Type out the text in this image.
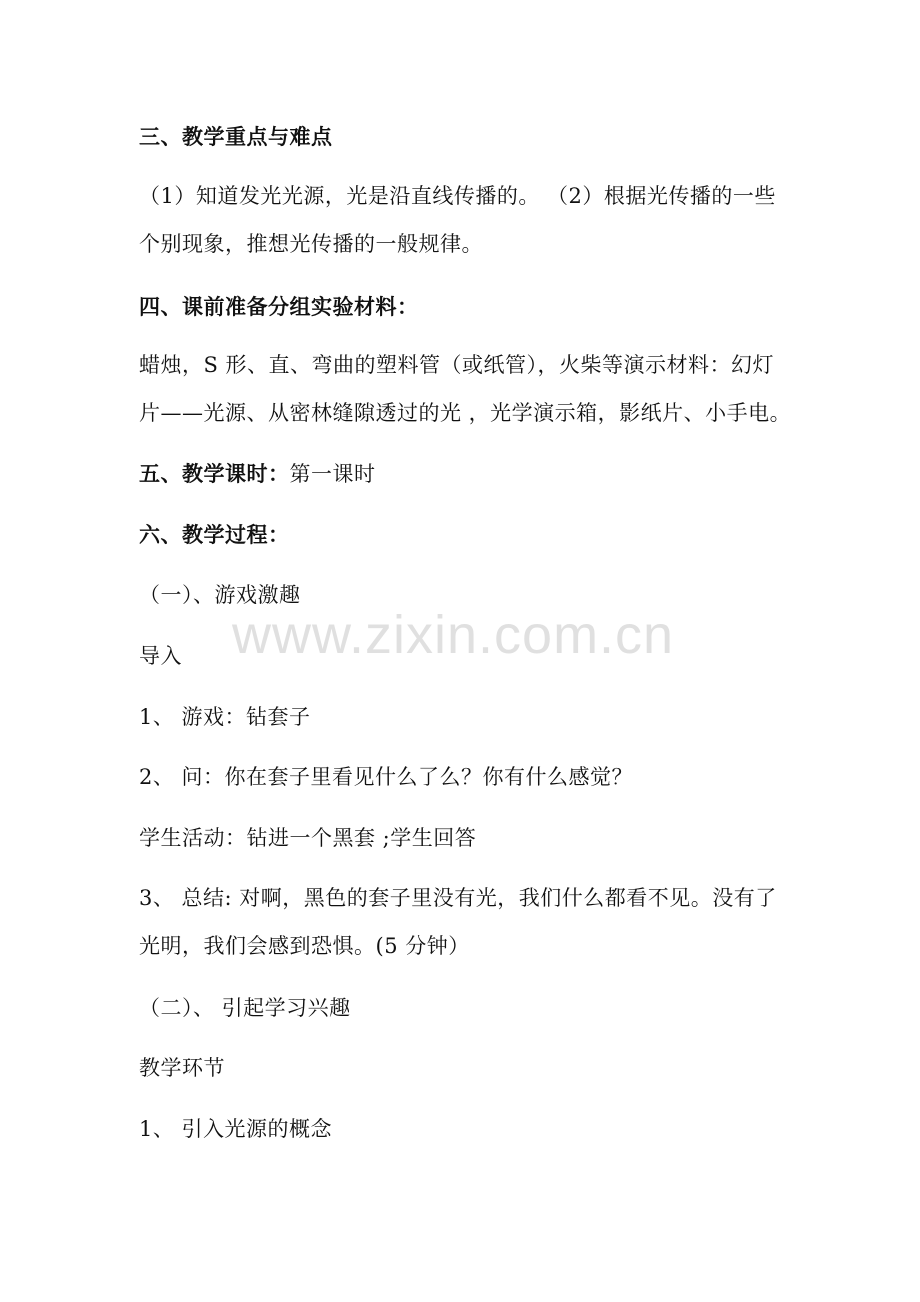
三、教学重点与难点
（1）知道发光光源，光是沿直线传播的。 （2）根据光传播的一些
个别现象，推想光传播的一般规律。
四、课前准备分组实验材料：
蜡烛，S 形、直、弯曲的塑料管（或纸管），火柴等演示材料：幻灯
片——光源、从密林缝隙透过的光 ，光学演示箱，影纸片、小手电。
五、教学课时：第一课时
六、教学过程：
（一）、游戏激趣
导入
1、 游戏：钻套子
2、 问：你在套子里看见什么了么？你有什么感觉？
学生活动：钻进一个黑套 ;学生回答
3、 总结: 对啊，黑色的套子里没有光，我们什么都看不见。没有了
光明，我们会感到恐惧。(5 分钟）
（二）、 引起学习兴趣
教学环节
1、 引入光源的概念
www.zixin.com.cn
